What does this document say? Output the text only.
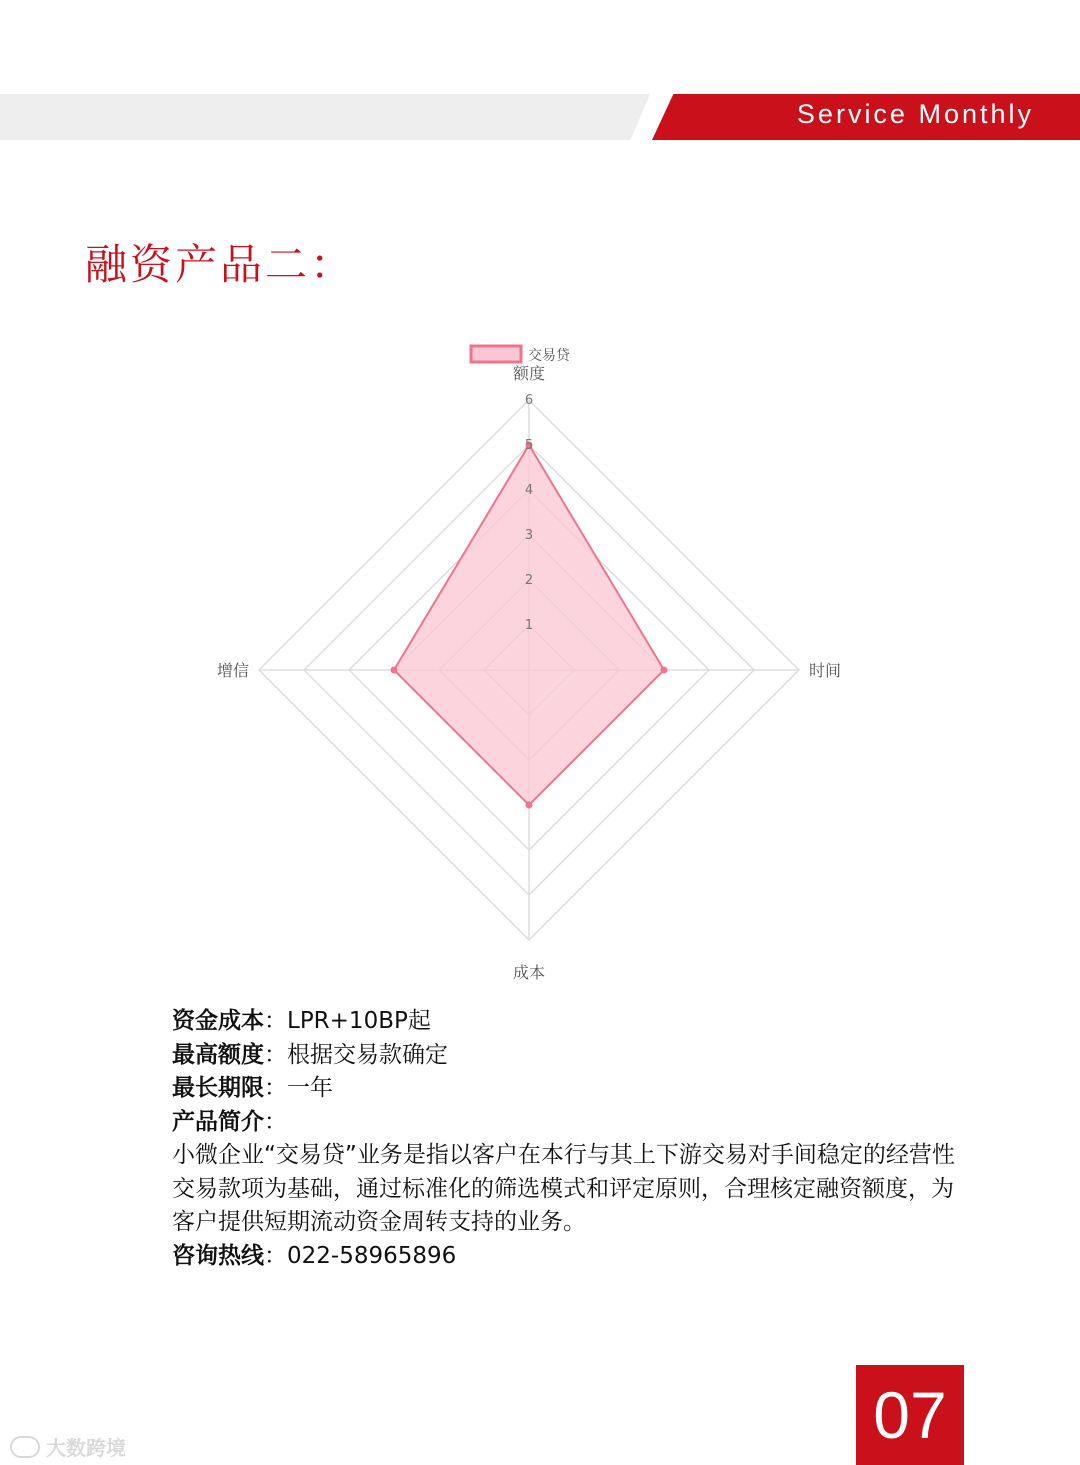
Service Monthly
融资产品二：
1
2
3
4
5
6
额度
时间
成本
增信
交易贷
资金成本：LPR+10BP起
最高额度：根据交易款确定
最长期限：一年
产品简介：
小微企业“交易贷”业务是指以客户在本行与其上下游交易对手间稳定的经营性交易款项为基础，通过标准化的筛选模式和评定原则，合理核定融资额度，为客户提供短期流动资金周转支持的业务。
咨询热线：022-58965896
07
大数跨境
